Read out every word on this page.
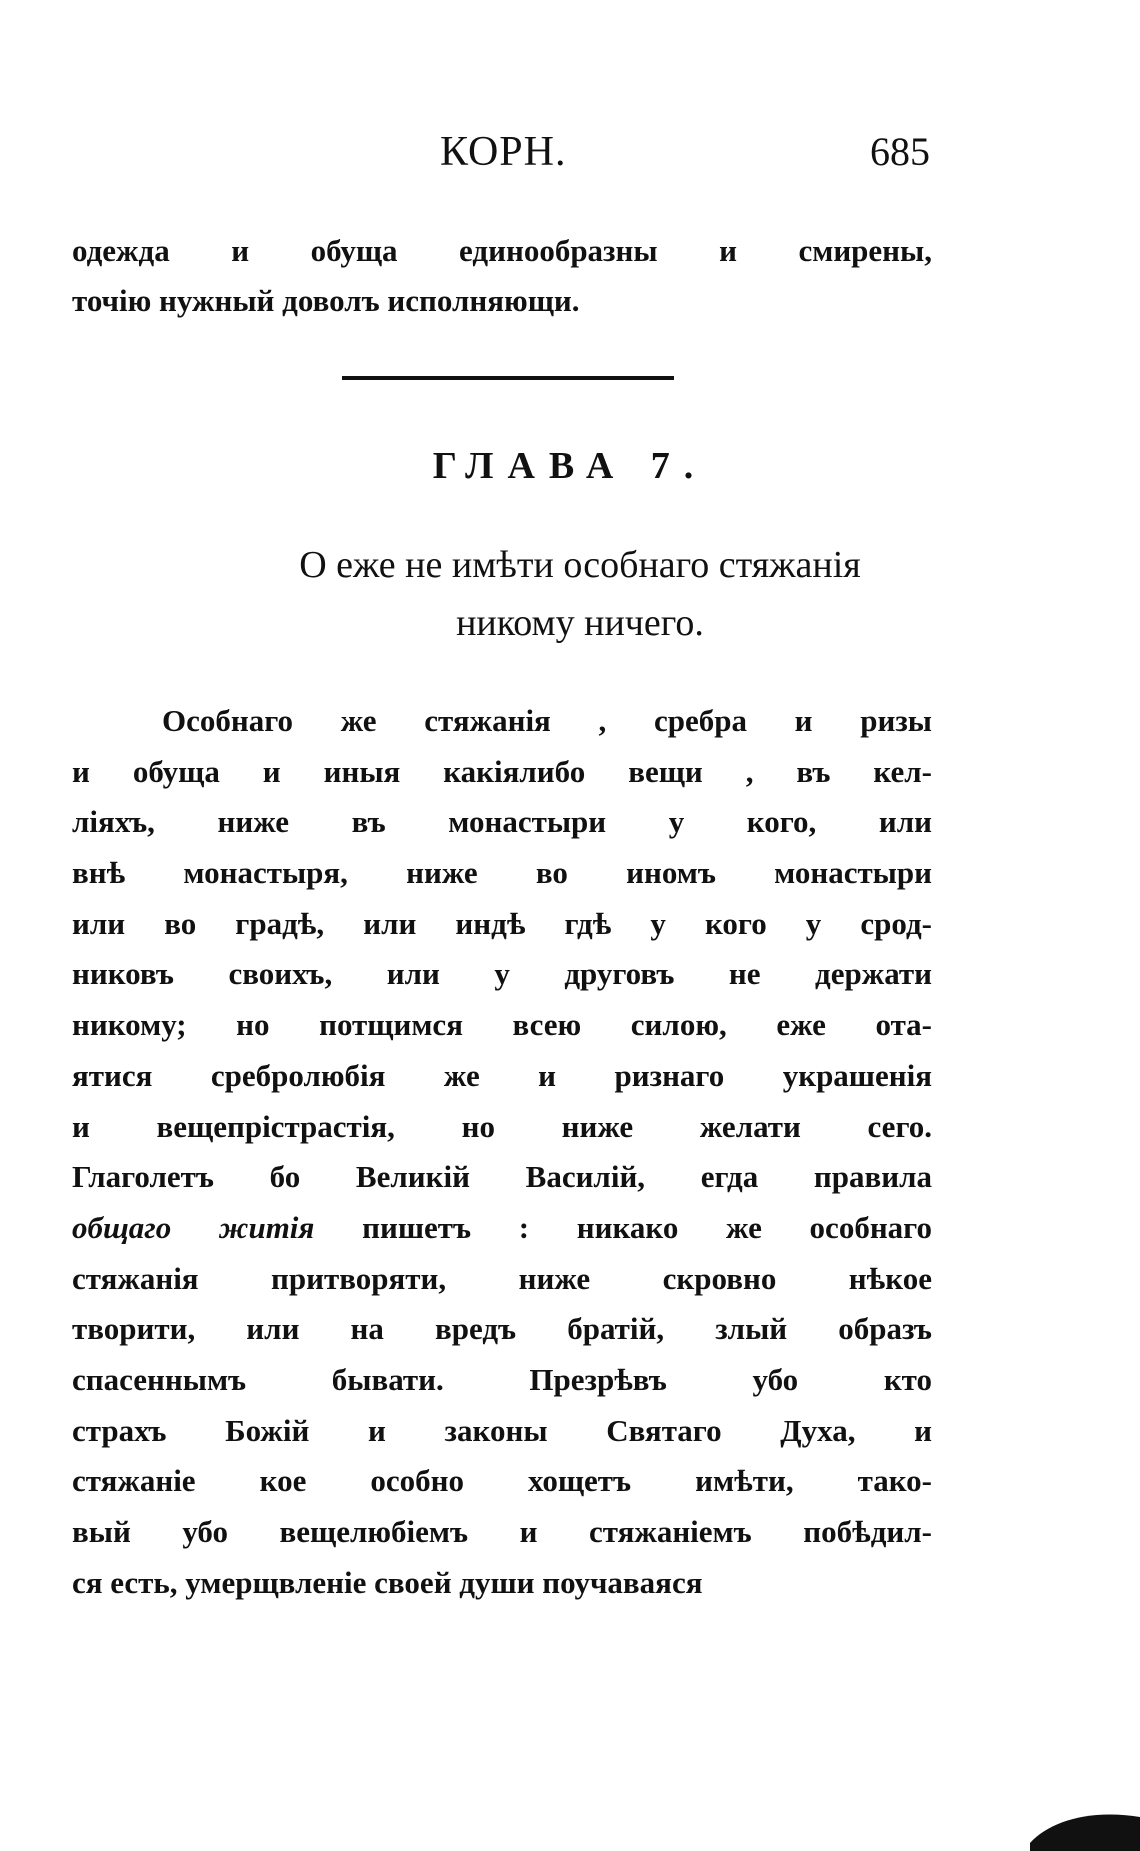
КОРН.	685
одежда и обуща единообразны и смирены,
точію нужный доволъ исполняющи.
ГЛАВА 7.
О еже не имѣти особнаго стяжанія
никому ничего.
Особнаго же стяжанія , сребра и ризы
и обуща и иныя какіялибо вещи , въ кел-
ліяхъ, ниже въ монастыри у кого, или
внѣ монастыря, ниже во иномъ монастыри
или во градѣ, или индѣ гдѣ у кого у срод-
никовъ своихъ, или у друговъ не держати
никому; но потщимся всею силою, еже ота-
ятися сребролюбія же и ризнаго украшенія
и вещепрістрастія, но ниже желати сего.
Глаголетъ бо Великій Василій, егда правила
общаго житія пишетъ : никако же особнаго
стяжанія притворяти, ниже скровно нѣкое
творити, или на вредъ братій, злый образъ
спасеннымъ бывати. Презрѣвъ убо кто
страхъ Божій и законы Святаго Духа, и
стяжаніе кое особно хощетъ имѣти, тако-
вый убо вещелюбіемъ и стяжаніемъ побѣдил-
ся есть, умерщвленіе своей души поучаваяся
